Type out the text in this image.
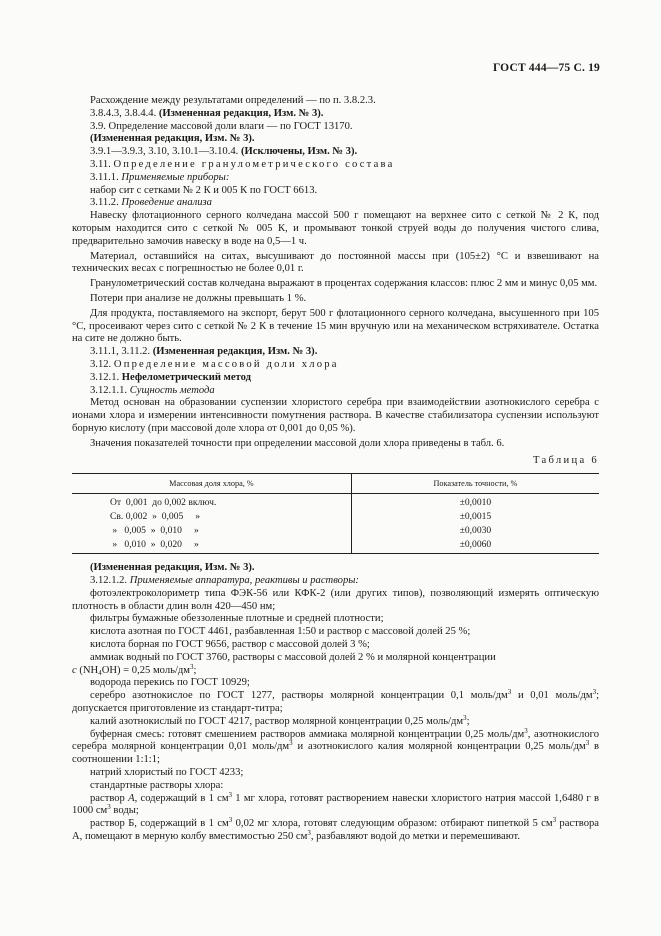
ГОСТ 444—75 С. 19

Расхождение между результатами определений — по п. 3.8.2.3.

3.8.4.3, 3.8.4.4. (Измененная редакция, Изм. № 3).

3.9. Определение массовой доли влаги — по ГОСТ 13170.

(Измененная редакция, Изм. № 3).

3.9.1—3.9.3, 3.10, 3.10.1—3.10.4. (Исключены, Изм. № 3).

3.11. Определение гранулометрического состава

3.11.1. Применяемые приборы:

набор сит с сетками № 2 К и 005 К по ГОСТ 6613.

3.11.2. Проведение анализа

Навеску флотационного серного колчедана массой 500 г помещают на верхнее сито с сеткой № 2 К, под которым находится сито с сеткой № 005 К, и промывают тонкой струей воды до получения чистого слива, предварительно замочив навеску в воде на 0,5—1 ч.

Материал, оставшийся на ситах, высушивают до постоянной массы при (105±2) °С и взвешивают на технических весах с погрешностью не более 0,01 г.

Гранулометрический состав колчедана выражают в процентах содержания классов: плюс 2 мм и минус 0,05 мм.

Потери при анализе не должны превышать 1 %.

Для продукта, поставляемого на экспорт, берут 500 г флотационного серного колчедана, высушенного при 105 °С, просеивают через сито с сеткой № 2 К в течение 15 мин вручную или на механическом встряхивателе. Остатка на сите не должно быть.

3.11.1, 3.11.2. (Измененная редакция, Изм. № 3).

3.12. Определение массовой доли хлора

3.12.1. Нефелометрический метод

3.12.1.1. Сущность метода

Метод основан на образовании суспензии хлористого серебра при взаимодействии азотнокислого серебра с ионами хлора и измерении интенсивности помутнения раствора. В качестве стабилизатора суспензии используют борную кислоту (при массовой доле хлора от 0,001 до 0,05 %).

Значения показателей точности при определении массовой доли хлора приведены в табл. 6.

Таблица 6
Массовая доля хлора, %	Показатель точности, %
От  0,001  до 0,002 включ.	±0,0010
Св. 0,002  »  0,005     »	±0,0015
»   0,005  »  0,010     »	±0,0030
»   0,010  »  0,020     »	±0,0060

(Измененная редакция, Изм. № 3).

3.12.1.2. Применяемые аппаратура, реактивы и растворы:

фотоэлектроколориметр типа ФЭК-56 или КФК-2 (или других типов), позволяющий измерять оптическую плотность в области длин волн 420—450 нм;

фильтры бумажные обеззоленные плотные и средней плотности;

кислота азотная по ГОСТ 4461, разбавленная 1:50 и раствор с массовой долей 25 %;

кислота борная по ГОСТ 9656, раствор с массовой долей 3 %;

аммиак водный по ГОСТ 3760, растворы с массовой долей 2 % и молярной концентрации

c $(NH_4OH) = 0,25$ моль/$дм^3$;

водорода перекись по ГОСТ 10929;

серебро азотнокислое по ГОСТ 1277, растворы молярной концентрации 0,1 моль/$дм^3$ и 0,01 моль/$дм^3$; допускается приготовление из стандарт-титра;

калий азотнокислый по ГОСТ 4217, раствор молярной концентрации 0,25 моль/$дм^3$;

буферная смесь: готовят смешением растворов аммиака молярной концентрации 0,25 моль/$дм^3$, азотнокислого серебра молярной концентрации 0,01 моль/$дм^3$ и азотнокислого калия молярной концентрации 0,25 моль/$дм^3$ в соотношении 1:1:1;

натрий хлористый по ГОСТ 4233;

стандартные растворы хлора:

раствор А, содержащий в 1 $см^3$ 1 мг хлора, готовят растворением навески хлористого натрия массой 1,6480 г в 1000 $см^3$ воды;

раствор Б, содержащий в 1 $см^3$ 0,02 мг хлора, готовят следующим образом: отбирают пипеткой 5 $см^3$ раствора А, помещают в мерную колбу вместимостью 250 $см^3$, разбавляют водой до метки и перемешивают.
